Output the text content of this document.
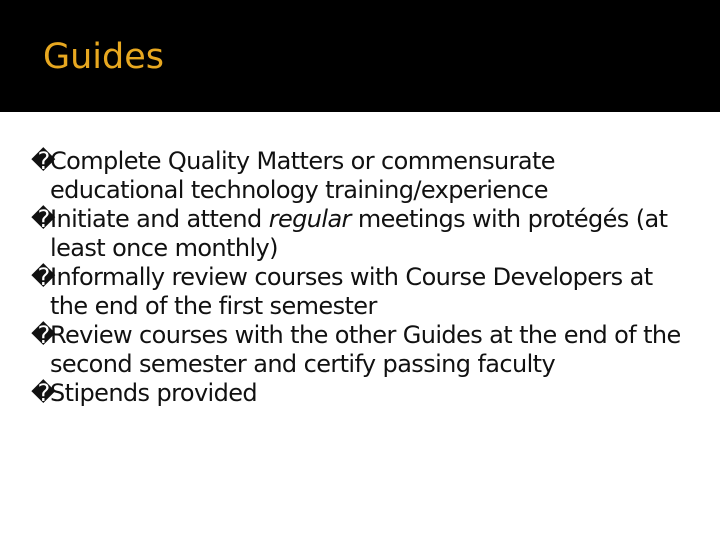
Guides
�
Complete Quality Matters or commensurate educational technology training/experience
�
Initiate and attend regular meetings with protégés (at least once monthly)
�
Informally review courses with Course Developers at the end of the first semester
�
Review courses with the other Guides at the end of the second semester and certify passing faculty
�
Stipends provided
